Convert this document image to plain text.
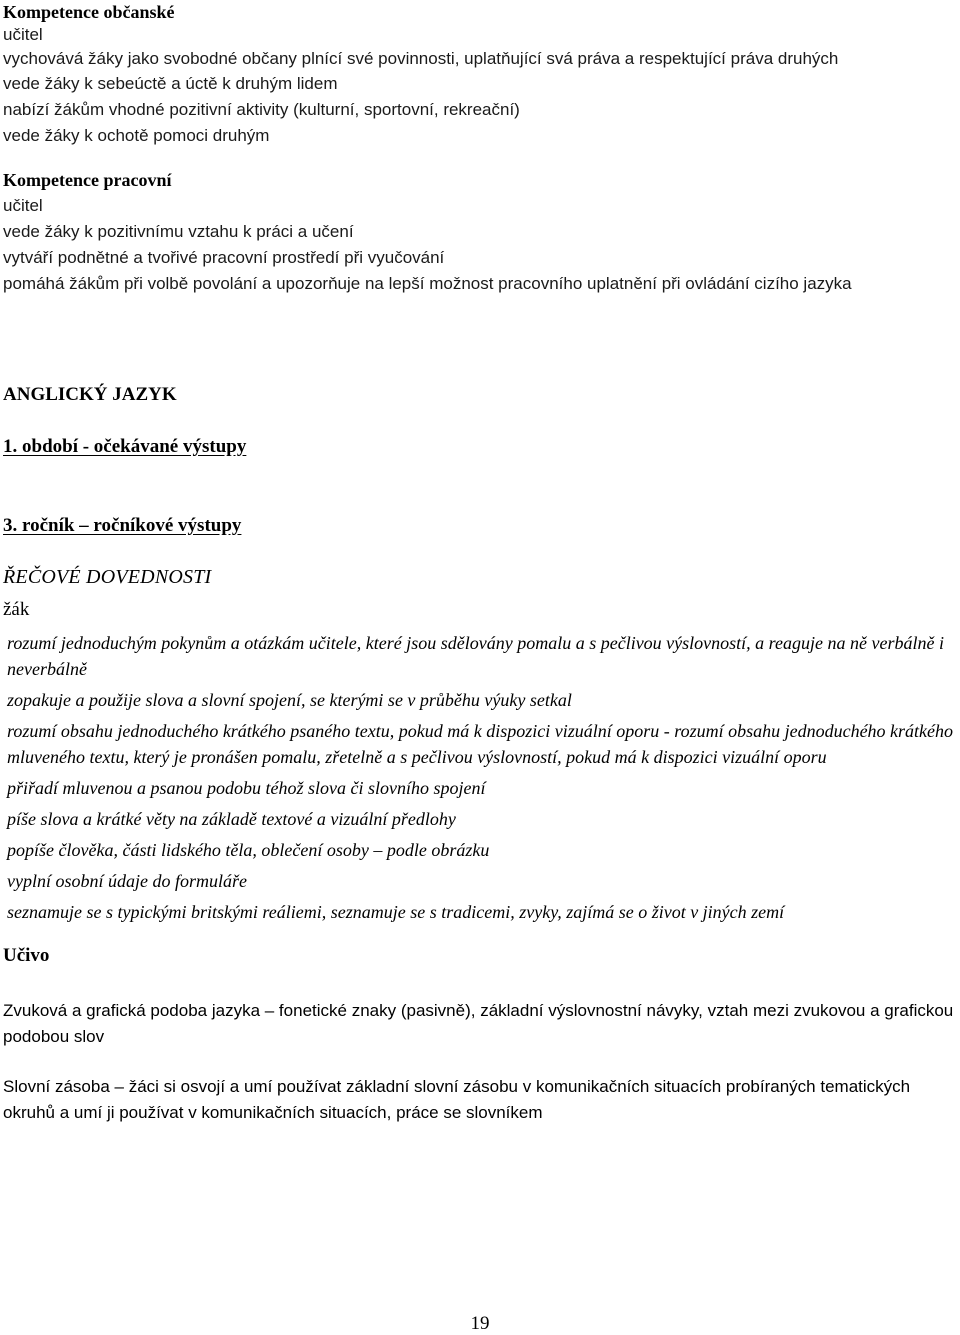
Kompetence občanské

učitel

vychovává žáky jako svobodné občany plnící své povinnosti, uplatňující svá práva a respektující práva druhých

vede žáky k sebeúctě a úctě k druhým lidem

nabízí žákům vhodné pozitivní aktivity (kulturní, sportovní, rekreační)

vede žáky k ochotě pomoci druhým

Kompetence pracovní

učitel

vede žáky k pozitivnímu vztahu k práci a učení

vytváří podnětné a tvořivé pracovní prostředí při vyučování

pomáhá žákům při volbě povolání a upozorňuje na lepší možnost pracovního uplatnění při ovládání cizího jazyka

ANGLICKÝ JAZYK

1. období - očekávané výstupy

3. ročník – ročníkové výstupy

ŘEČOVÉ DOVEDNOSTI

žák

rozumí jednoduchým pokynům a otázkám učitele, které jsou sdělovány pomalu a s pečlivou výslovností, a reaguje na ně verbálně i neverbálně

zopakuje a použije slova a slovní spojení, se kterými se v průběhu výuky setkal

rozumí obsahu jednoduchého krátkého psaného textu, pokud má k dispozici vizuální oporu - rozumí obsahu jednoduchého krátkého mluveného textu, který je pronášen pomalu, zřetelně a s pečlivou výslovností, pokud má k dispozici vizuální oporu

přiřadí mluvenou a psanou podobu téhož slova či slovního spojení

píše slova a krátké věty na základě textové a vizuální předlohy

popíše člověka, části lidského těla, oblečení osoby – podle obrázku

vyplní osobní údaje do formuláře

seznamuje se s typickými britskými reáliemi, seznamuje se s tradicemi, zvyky, zajímá se o život v jiných zemí

Učivo

Zvuková a grafická podoba jazyka – fonetické znaky (pasivně), základní výslovnostní návyky, vztah mezi zvukovou a grafickou podobou slov

Slovní zásoba – žáci si osvojí a umí používat základní slovní zásobu v komunikačních situacích probíraných tematických okruhů a umí ji používat v komunikačních situacích, práce se slovníkem

19
